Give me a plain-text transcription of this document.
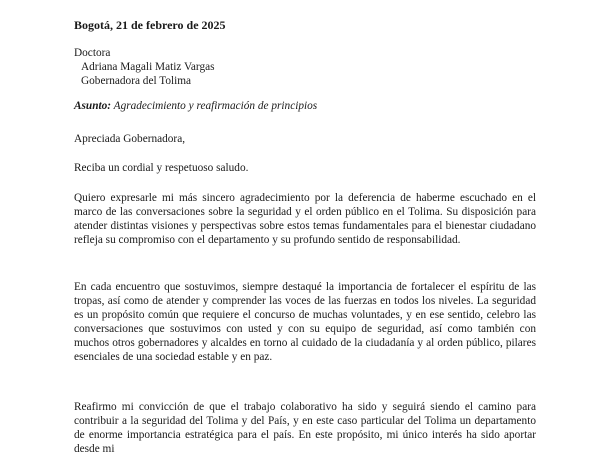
Bogotá, 21 de febrero de 2025

Doctora
Adriana Magali Matiz Vargas
Gobernadora del Tolima

Asunto: Agradecimiento y reafirmación de principios

Apreciada Gobernadora,

Reciba un cordial y respetuoso saludo.

Quiero expresarle mi más sincero agradecimiento por la deferencia de haberme escuchado en el marco de las conversaciones sobre la seguridad y el orden público en el Tolima. Su disposición para atender distintas visiones y perspectivas sobre estos temas fundamentales para el bienestar ciudadano refleja su compromiso con el departamento y su profundo sentido de responsabilidad.

En cada encuentro que sostuvimos, siempre destaqué la importancia de fortalecer el espíritu de las tropas, así como de atender y comprender las voces de las fuerzas en todos los niveles. La seguridad es un propósito común que requiere el concurso de muchas voluntades, y en ese sentido, celebro las conversaciones que sostuvimos con usted y con su equipo de seguridad, así como también con muchos otros gobernadores y alcaldes en torno al cuidado de la ciudadanía y al orden público, pilares esenciales de una sociedad estable y en paz.

Reafirmo mi convicción de que el trabajo colaborativo ha sido y seguirá siendo el camino para contribuir a la seguridad del Tolima y del País, y en este caso particular del Tolima un departamento de enorme importancia estratégica para el país. En este propósito, mi único interés ha sido aportar desde mi
